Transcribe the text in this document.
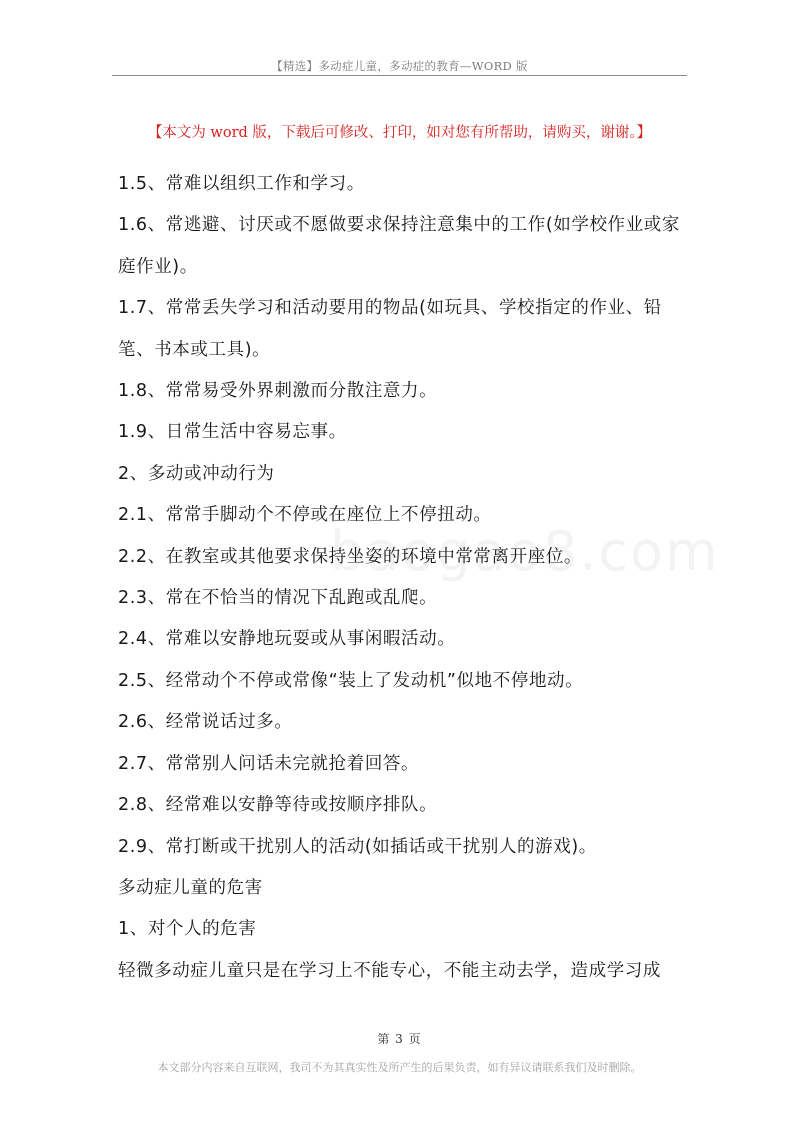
【精选】多动症儿童，多动症的教育—WORD 版
【本文为 word 版，下载后可修改、打印，如对您有所帮助，请购买，谢谢。】

1.5、常难以组织工作和学习。

1.6、常逃避、讨厌或不愿做要求保持注意集中的工作(如学校作业或家庭作业)。

1.7、常常丢失学习和活动要用的物品(如玩具、学校指定的作业、铅笔、书本或工具)。

1.8、常常易受外界刺激而分散注意力。

1.9、日常生活中容易忘事。

2、多动或冲动行为

2.1、常常手脚动个不停或在座位上不停扭动。

2.2、在教室或其他要求保持坐姿的环境中常常离开座位。

2.3、常在不恰当的情况下乱跑或乱爬。

2.4、常难以安静地玩耍或从事闲暇活动。

2.5、经常动个不停或常像“装上了发动机”似地不停地动。

2.6、经常说话过多。

2.7、常常别人问话未完就抢着回答。

2.8、经常难以安静等待或按顺序排队。

2.9、常打断或干扰别人的活动(如插话或干扰别人的游戏)。

多动症儿童的危害

1、对个人的危害

轻微多动症儿童只是在学习上不能专心，不能主动去学，造成学习成

第 3 页
本文部分内容来自互联网，我司不为其真实性及所产生的后果负责，如有异议请联系我们及时删除。
